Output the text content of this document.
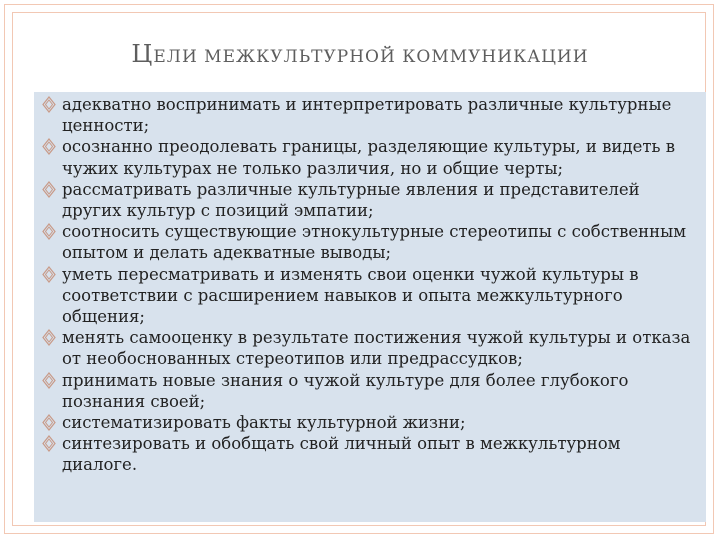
ЦЕЛИ МЕЖКУЛЬТУРНОЙ КОММУНИКАЦИИ
адекватно воспринимать и интерпретировать различные культурные ценности;
осознанно преодолевать границы, разделяющие культуры, и видеть в чужих культурах не только различия, но и общие черты;
рассматривать различные культурные явления и представителей других культур с позиций эмпатии;
соотносить существующие этнокультурные стереотипы с собственным опытом и делать адекватные выводы;
уметь пересматривать и изменять свои оценки чужой культуры в соответствии с расширением навыков и опыта межкультурного общения;
менять самооценку в результате постижения чужой культуры и отказа от необоснованных стереотипов или предрассудков;
принимать новые знания о чужой культуре для более глубокого познания своей;
систематизировать факты культурной жизни;
синтезировать и обобщать свой личный опыт в межкультурном диалоге.
